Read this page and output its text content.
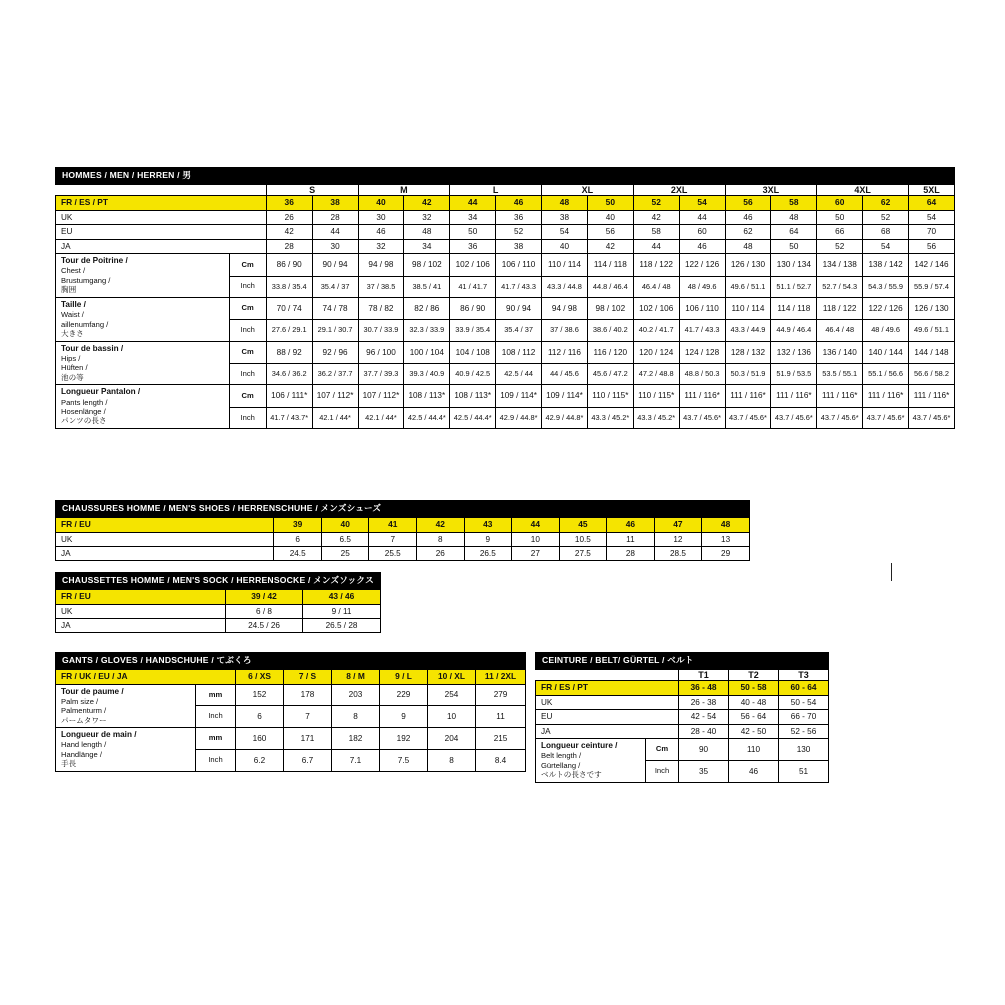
HOMMES / MEN / HERREN / 男																
		S		M		L		XL		2XL		3XL		4XL		5XL
FR / ES / PT		36	38	40	42	44	46	48	50	52	54	56	58	60	62	64
UK		26	28	30	32	34	36	38	40	42	44	46	48	50	52	54
EU		42	44	46	48	50	52	54	56	58	60	62	64	66	68	70
JA		28	30	32	34	36	38	40	42	44	46	48	50	52	54	56

Tour de Poitrine /
Chest /
Brustumgang /
胸囲	Cm	86 / 90	90 / 94	94 / 98	98 / 102	102 / 106	106 / 110	110 / 114	114 / 118	118 / 122	122 / 126	126 / 130	130 / 134	134 / 138	138 / 142	142 / 146
	Inch	33.8 / 35.4	35.4 / 37	37 / 38.5	38.5 / 41	41 / 41.7	41.7 / 43.3	43.3 / 44.8	44.8 / 46.4	46.4 / 48	48 / 49.6	49.6 / 51.1	51.1 / 52.7	52.7 / 54.3	54.3 / 55.9	55.9 / 57.4

Taille /
Waist /
aillenumfang /
大きさ	Cm	70 / 74	74 / 78	78 / 82	82 / 86	86 / 90	90 / 94	94 / 98	98 / 102	102 / 106	106 / 110	110 / 114	114 / 118	118 / 122	122 / 126	126 / 130
	Inch	27.6 / 29.1	29.1 / 30.7	30.7 / 33.9	32.3 / 33.9	33.9 / 35.4	35.4 / 37	37 / 38.6	38.6 / 40.2	40.2 / 41.7	41.7 / 43.3	43.3 / 44.9	44.9 / 46.4	46.4 / 48	48 / 49.6	49.6 / 51.1

Tour de bassin /
Hips /
Hüften /
池の等	Cm	88 / 92	92 / 96	96 / 100	100 / 104	104 / 108	108 / 112	112 / 116	116 / 120	120 / 124	124 / 128	128 / 132	132 / 136	136 / 140	140 / 144	144 / 148
	Inch	34.6 / 36.2	36.2 / 37.7	37.7 / 39.3	39.3 / 40.9	40.9 / 42.5	42.5 / 44	44 / 45.6	45.6 / 47.2	47.2 / 48.8	48.8 / 50.3	50.3 / 51.9	51.9 / 53.5	53.5 / 55.1	55.1 / 56.6	56.6 / 58.2

Longueur Pantalon /
Pants length /
Hosenlänge /
パンツの長さ	Cm	106 / 111*	107 / 112*	107 / 112*	108 / 113*	108 / 113*	109 / 114*	109 / 114*	110 / 115*	110 / 115*	111 / 116*	111 / 116*	111 / 116*	111 / 116*	111 / 116*	111 / 116*
	Inch	41.7 / 43.7*	42.1 / 44*	42.1 / 44*	42.5 / 44.4*	42.5 / 44.4*	42.9 / 44.8*	42.9 / 44.8*	43.3 / 45.2*	43.3 / 45.2*	43.7 / 45.6*	43.7 / 45.6*	43.7 / 45.6*	43.7 / 45.6*	43.7 / 45.6*	43.7 / 45.6*
CHAUSSURES HOMME / MEN'S SHOES / HERRENSCHUHE / メンズシューズ										
FR / EU	39	40	41	42	43	44	45	46	47	48
UK	6	6.5	7	8	9	10	10.5	11	12	13
JA	24.5	25	25.5	26	26.5	27	27.5	28	28.5	29
CHAUSSETTES HOMME / MEN'S SOCK / HERRENSOCKE / メンズソックス		
FR / EU	39 / 42	43 / 46
UK	6 / 8	9 / 11
JA	24.5 / 26	26.5 / 28
GANTS / GLOVES / HANDSCHUHE / てぶくろ							
FR / UK / EU / JA		6 / XS	7 / S	8 / M	9 / L	10 / XL	11 / 2XL

Tour de paume /
Palm size /
Palmenturm /
パームタワー	mm	152	178	203	229	254	279
	Inch	6	7	8	9	10	11

Longueur de main /
Hand length /
Handlänge /
手長	mm	160	171	182	192	204	215
	Inch	6.2	6.7	7.1	7.5	8	8.4
CEINTURE / BELT/ GÜRTEL / ベルト				
		T1	T2	T3
FR / ES / PT		36 - 48	50 - 58	60 - 64
UK		26 - 38	40 - 48	50 - 54
EU		42 - 54	56 - 64	66 - 70
JA		28 - 40	42 - 50	52 - 56

Longueur ceinture /
Belt length /
Gürtellang /
ベルトの長さです	Cm	90	110	130
	Inch	35	46	51
